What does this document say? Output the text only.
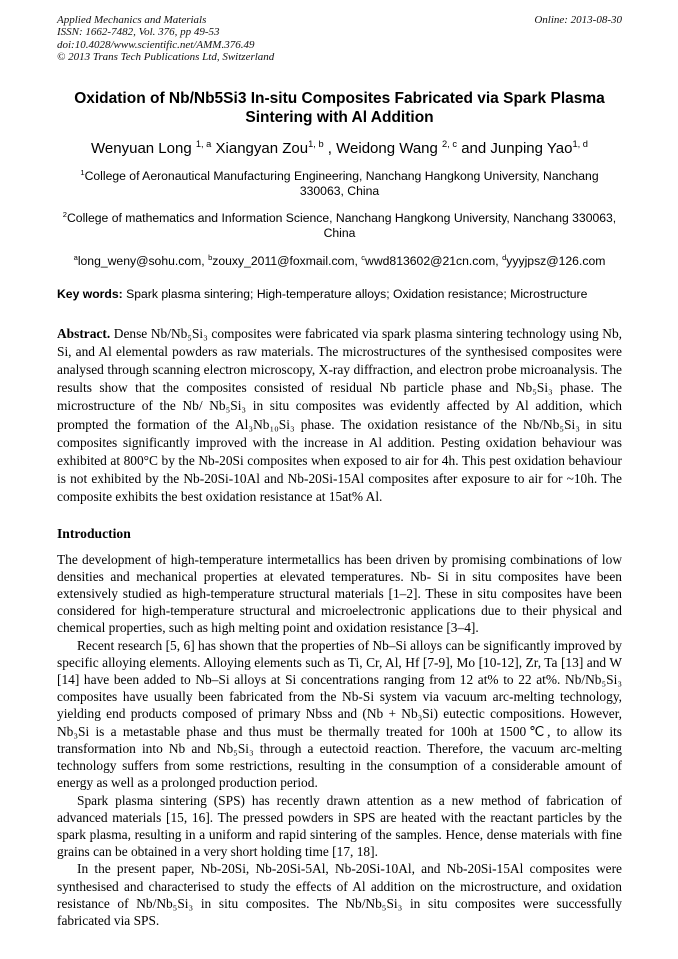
Applied Mechanics and Materials
ISSN: 1662-7482, Vol. 376, pp 49-53
doi:10.4028/www.scientific.net/AMM.376.49
© 2013 Trans Tech Publications Ltd, Switzerland
Online: 2013-08-30
Oxidation of Nb/Nb5Si3 In-situ Composites Fabricated via Spark Plasma
Sintering with Al Addition
Wenyuan Long $^{1, a}$ Xiangyan Zou$^{1, b}$ , Weidong Wang $^{2, c}$ and Junping Yao$^{1, d}$
$^1$College of Aeronautical Manufacturing Engineering, Nanchang Hangkong University, Nanchang 330063, China
$^2$College of mathematics and Information Science, Nanchang Hangkong University, Nanchang 330063, China
$^a$long_weny@sohu.com, $^b$zouxy_2011@foxmail.com, $^c$wwd813602@21cn.com, $^d$yyyjpsz@126.com
Key words: Spark plasma sintering; High-temperature alloys; Oxidation resistance; Microstructure

Abstract. Dense Nb/Nb₅Si₃ composites were fabricated via spark plasma sintering technology using Nb, Si, and Al elemental powders as raw materials. The microstructures of the synthesised composites were analysed through scanning electron microscopy, X-ray diffraction, and electron probe microanalysis. The results show that the composites consisted of residual Nb particle phase and Nb₅Si₃ phase. The microstructure of the Nb/ Nb₅Si₃ in situ composites was evidently affected by Al addition, which prompted the formation of the Al₃Nb₁₀Si₃ phase. The oxidation resistance of the Nb/Nb₅Si₃ in situ composites significantly improved with the increase in Al addition. Pesting oxidation behaviour was exhibited at 800°C by the Nb-20Si composites when exposed to air for 4h. This pest oxidation behaviour is not exhibited by the Nb-20Si-10Al and Nb-20Si-15Al composites after exposure to air for ~10h. The composite exhibits the best oxidation resistance at 15at% Al.

Introduction

The development of high-temperature intermetallics has been driven by promising combinations of low densities and mechanical properties at elevated temperatures. Nb- Si in situ composites have been extensively studied as high-temperature structural materials [1–2]. These in situ composites have been considered for high-temperature structural and microelectronic applications due to their physical and chemical properties, such as high melting point and oxidation resistance [3–4].

Recent research [5, 6] has shown that the properties of Nb–Si alloys can be significantly improved by specific alloying elements. Alloying elements such as Ti, Cr, Al, Hf [7-9], Mo [10-12], Zr, Ta [13] and W [14] have been added to Nb–Si alloys at Si concentrations ranging from 12 at% to 22 at%. Nb/Nb₅Si₃ composites have usually been fabricated from the Nb-Si system via vacuum arc-melting technology, yielding end products composed of primary Nbss and (Nb + Nb₃Si) eutectic compositions. However, Nb₃Si is a metastable phase and thus must be thermally treated for 100h at 1500℃, to allow its transformation into Nb and Nb₅Si₃ through a eutectoid reaction. Therefore, the vacuum arc-melting technology suffers from some restrictions, resulting in the consumption of a considerable amount of energy as well as a prolonged production period.

Spark plasma sintering (SPS) has recently drawn attention as a new method of fabrication of advanced materials [15, 16]. The pressed powders in SPS are heated with the reactant particles by the spark plasma, resulting in a uniform and rapid sintering of the samples. Hence, dense materials with fine grains can be obtained in a very short holding time [17, 18].

In the present paper, Nb-20Si, Nb-20Si-5Al, Nb-20Si-10Al, and Nb-20Si-15Al composites were synthesised and characterised to study the effects of Al addition on the microstructure, and oxidation resistance of Nb/Nb₅Si₃ in situ composites. The Nb/Nb₅Si₃ in situ composites were successfully fabricated via SPS.
